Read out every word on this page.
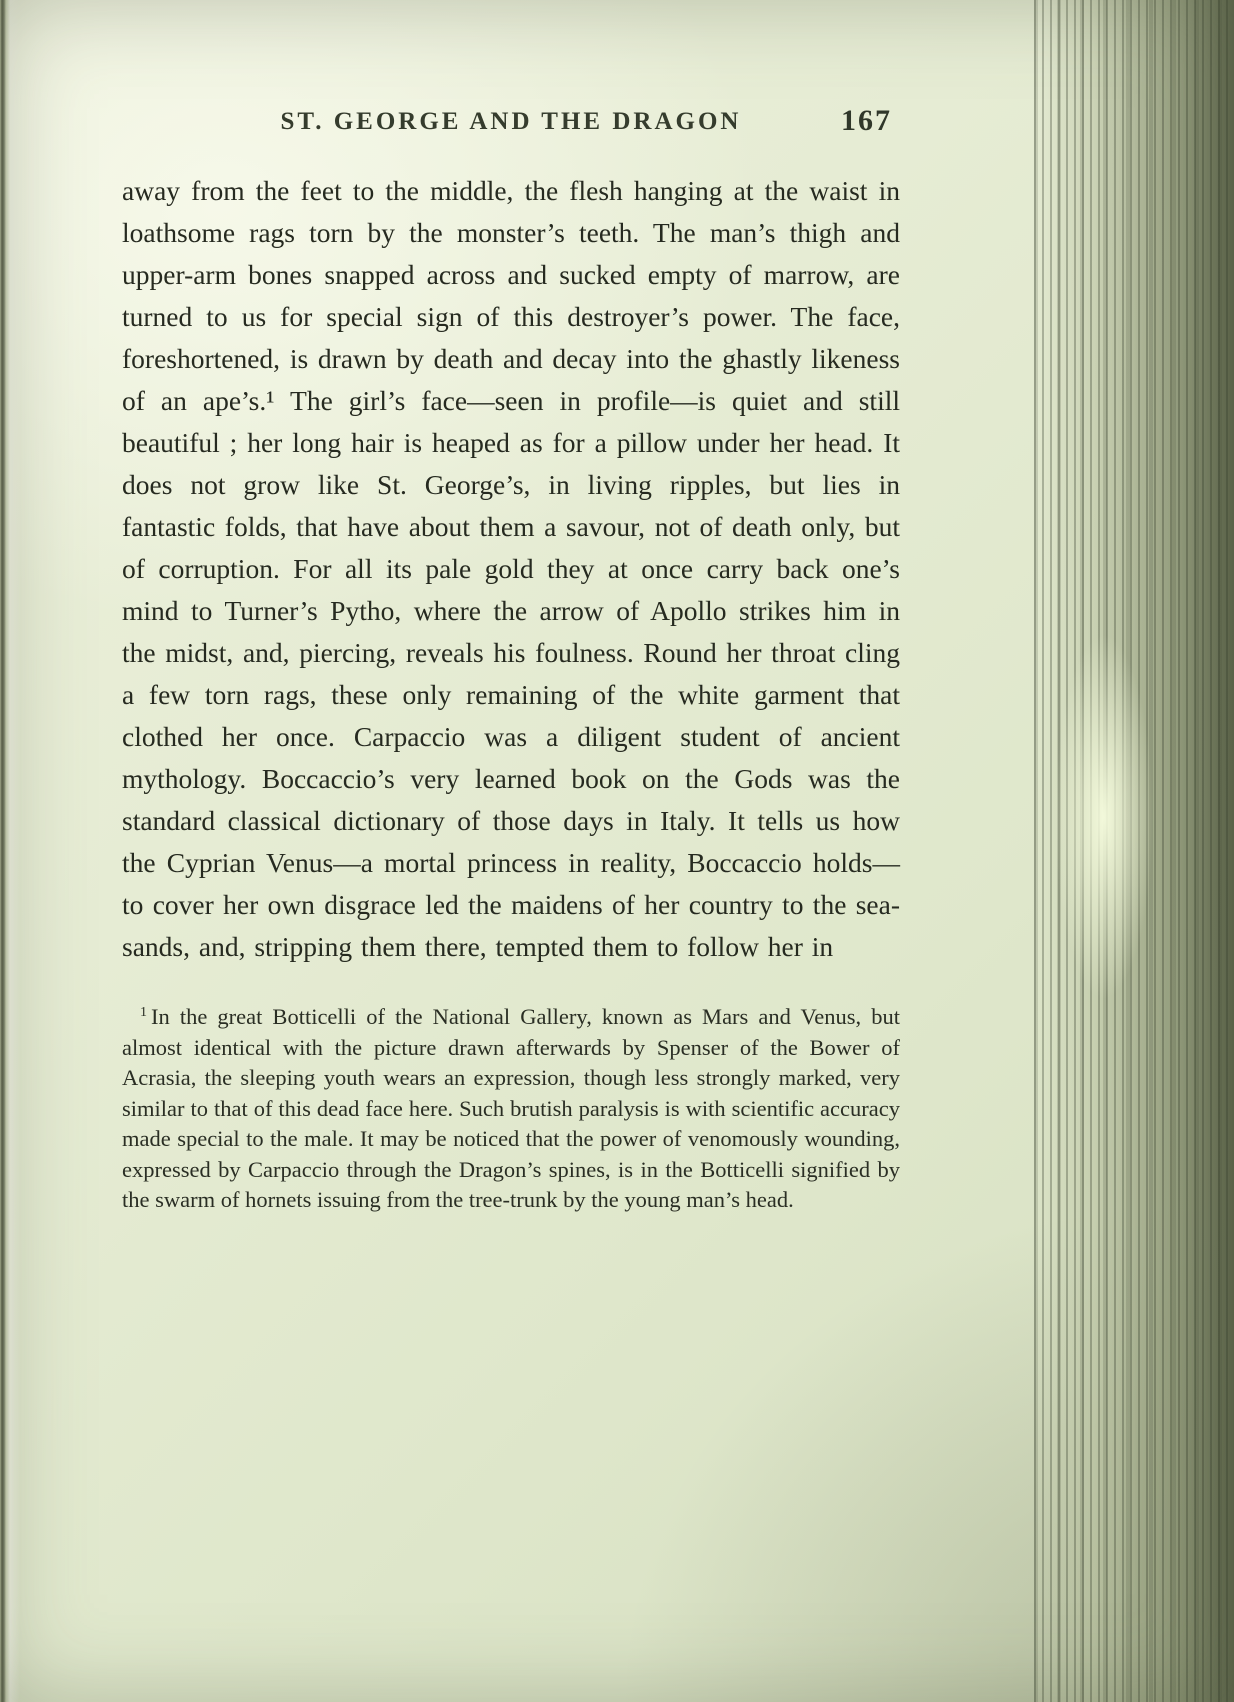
ST. GEORGE AND THE DRAGON	167

away from the feet to the middle, the flesh hanging at the waist in loathsome rags torn by the monster’s teeth. The man’s thigh and upper-arm bones snapped across and sucked empty of marrow, are turned to us for special sign of this destroyer’s power. The face, foreshortened, is drawn by death and decay into the ghastly likeness of an ape’s.¹ The girl’s face—seen in profile—is quiet and still beautiful ; her long hair is heaped as for a pillow under her head. It does not grow like St. George’s, in living ripples, but lies in fantastic folds, that have about them a savour, not of death only, but of corruption. For all its pale gold they at once carry back one’s mind to Turner’s Pytho, where the arrow of Apollo strikes him in the midst, and, piercing, reveals his foulness. Round her throat cling a few torn rags, these only remaining of the white garment that clothed her once. Carpaccio was a diligent student of ancient mythology. Boccaccio’s very learned book on the Gods was the standard classical dictionary of those days in Italy. It tells us how the Cyprian Venus—a mortal princess in reality, Boccaccio holds—to cover her own disgrace led the maidens of her country to the sea-sands, and, stripping them there, tempted them to follow her in

$^1$ In the great Botticelli of the National Gallery, known as Mars and Venus, but almost identical with the picture drawn afterwards by Spenser of the Bower of Acrasia, the sleeping youth wears an expression, though less strongly marked, very similar to that of this dead face here. Such brutish paralysis is with scientific accuracy made special to the male. It may be noticed that the power of venomously wounding, expressed by Carpaccio through the Dragon’s spines, is in the Botticelli signified by the swarm of hornets issuing from the tree-trunk by the young man’s head.
